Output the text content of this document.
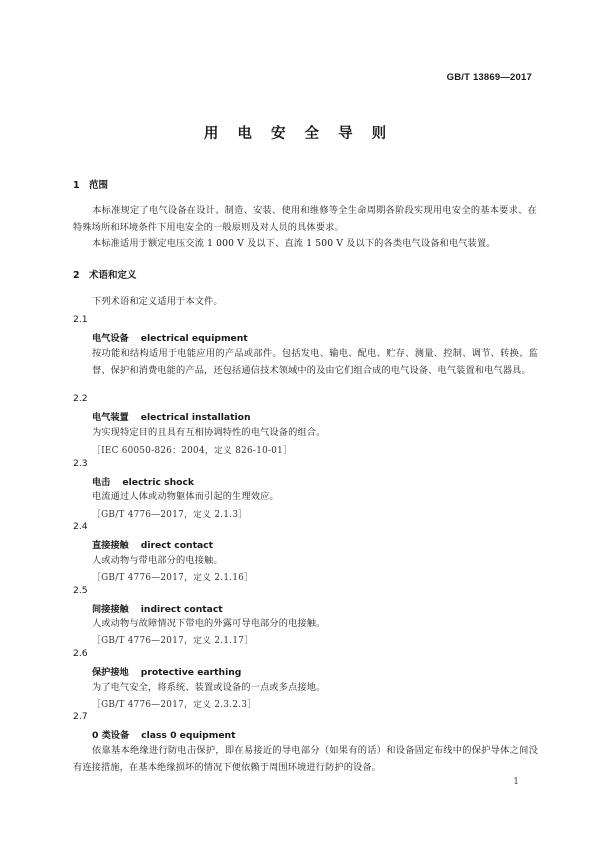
GB/T 13869—2017
用 电 安 全 导 则
1 范围
本标准规定了电气设备在设计、制造、安装、使用和维修等全生命周期各阶段实现用电安全的基本要求、在特殊场所和环境条件下用电安全的一般原则及对人员的具体要求。
本标准适用于额定电压交流 1 000 V 及以下、直流 1 500 V 及以下的各类电气设备和电气装置。
2 术语和定义
下列术语和定义适用于本文件。
2.1
电气设备 electrical equipment
按功能和结构适用于电能应用的产品或部件。包括发电、输电、配电、贮存、测量、控制、调节、转换、监督、保护和消费电能的产品，还包括通信技术领域中的及由它们组合成的电气设备、电气装置和电气器具。
2.2
电气装置 electrical installation
为实现特定目的且具有互相协调特性的电气设备的组合。
［IEC 60050-826：2004，定义 826-10-01］
2.3
电击 electric shock
电流通过人体或动物躯体而引起的生理效应。
［GB/T 4776—2017，定义 2.1.3］
2.4
直接接触 direct contact
人或动物与带电部分的电接触。
［GB/T 4776—2017，定义 2.1.16］
2.5
间接接触 indirect contact
人或动物与故障情况下带电的外露可导电部分的电接触。
［GB/T 4776—2017，定义 2.1.17］
2.6
保护接地 protective earthing
为了电气安全，将系统、装置或设备的一点或多点接地。
［GB/T 4776—2017，定义 2.3.2.3］
2.7
0 类设备 class 0 equipment
依靠基本绝缘进行防电击保护，即在易接近的导电部分（如果有的话）和设备固定布线中的保护导体之间没有连接措施，在基本绝缘损坏的情况下便依赖于周围环境进行防护的设备。
1
